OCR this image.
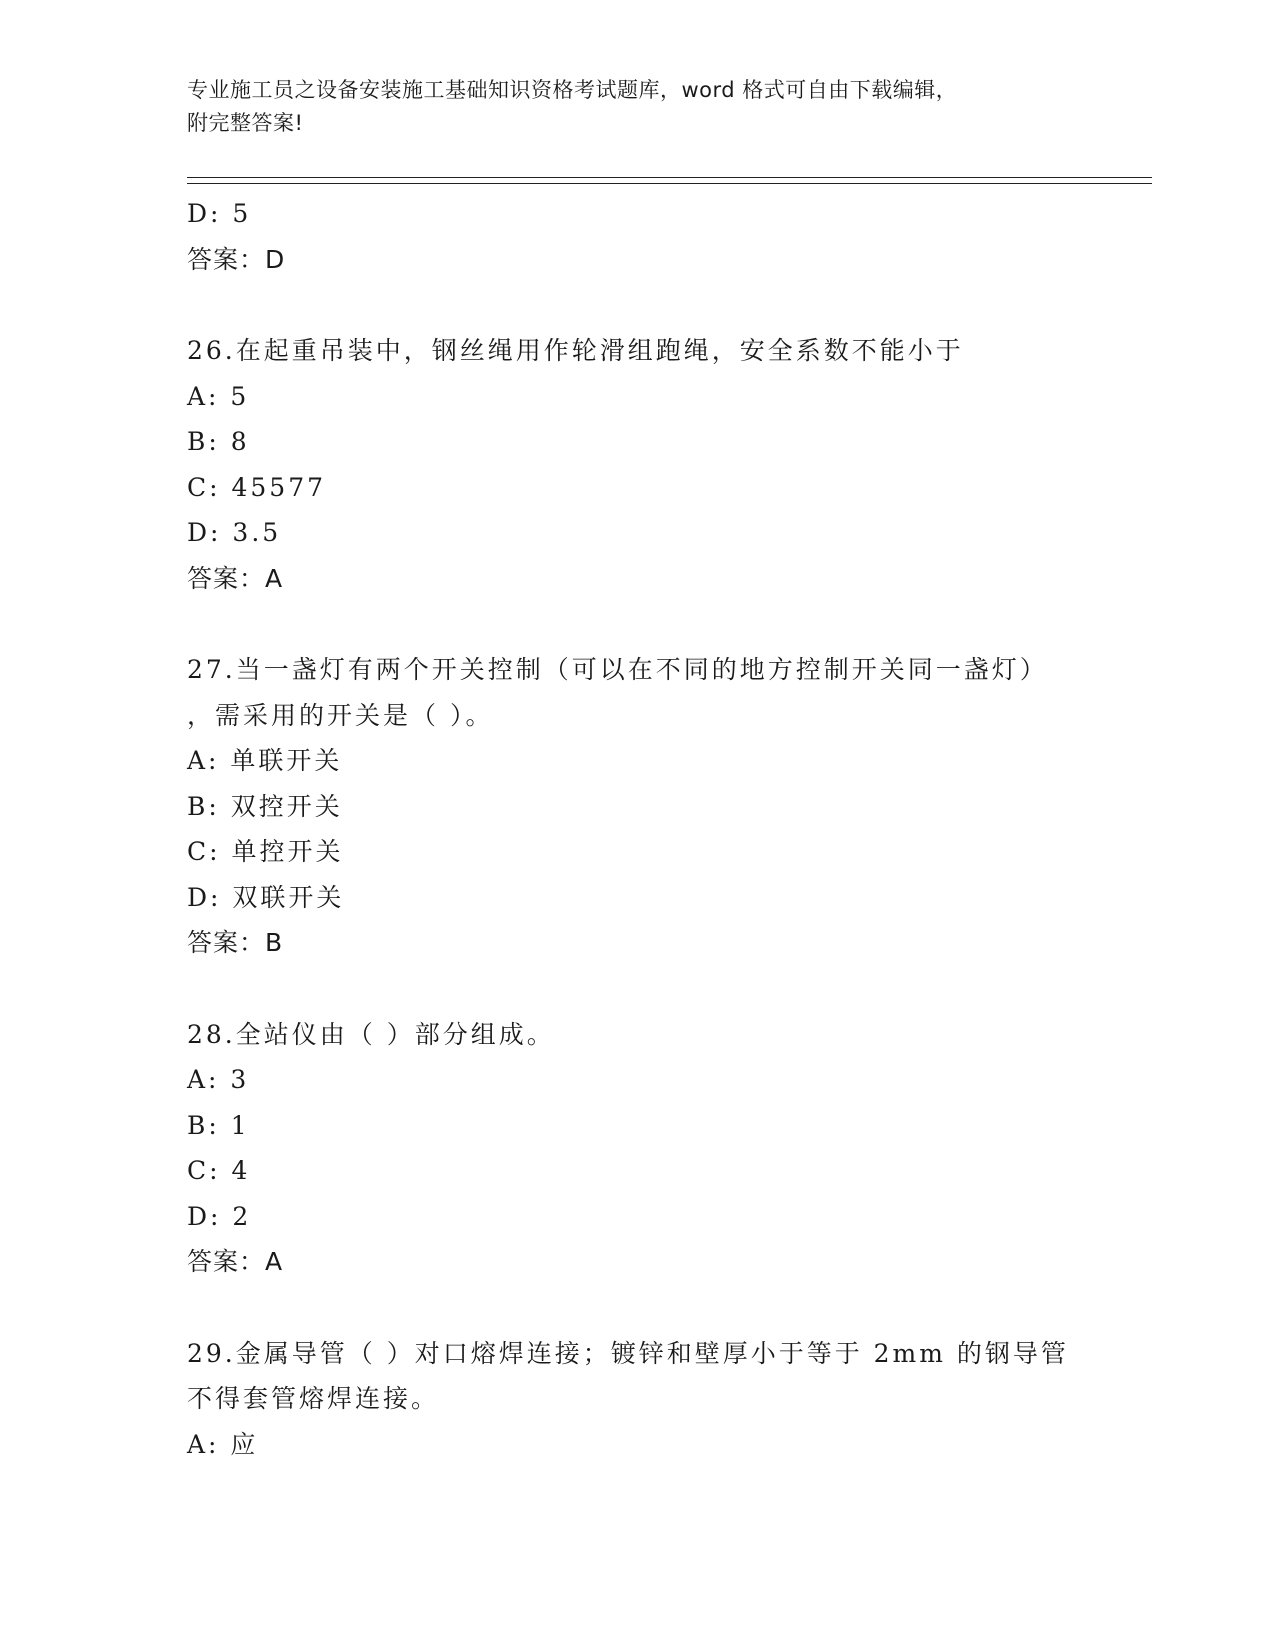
专业施工员之设备安装施工基础知识资格考试题库，word 格式可自由下载编辑，
附完整答案!
D: 5
答案：D
26.在起重吊装中，钢丝绳用作轮滑组跑绳，安全系数不能小于
A: 5
B: 8
C: 45577
D: 3.5
答案：A
27.当一盏灯有两个开关控制（可以在不同的地方控制开关同一盏灯）
，需采用的开关是（ ）。
A: 单联开关
B: 双控开关
C: 单控开关
D: 双联开关
答案：B
28.全站仪由（ ）部分组成。
A: 3
B: 1
C: 4
D: 2
答案：A
29.金属导管（ ）对口熔焊连接；镀锌和壁厚小于等于 2mm 的钢导管
不得套管熔焊连接。
A: 应
